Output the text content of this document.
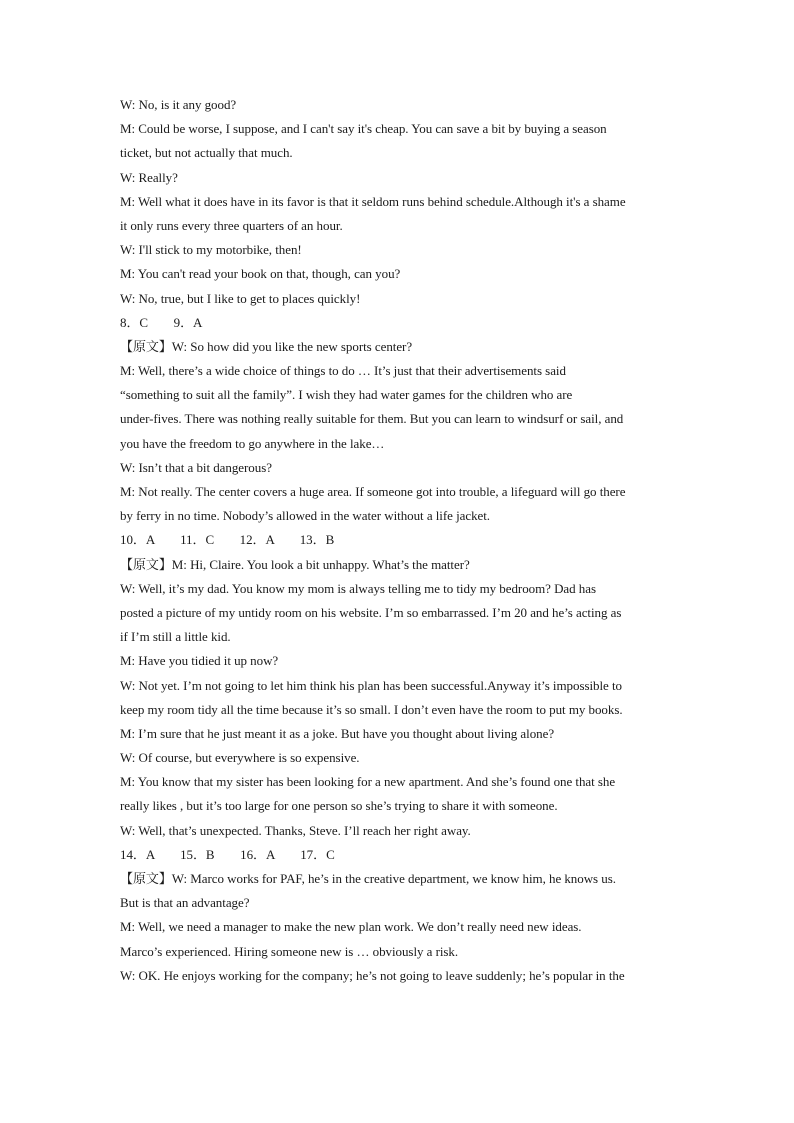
W: No, is it any good?
M: Could be worse, I suppose, and I can't say it's cheap. You can save a bit by buying a season
ticket, but not actually that much.
W: Really?
M: Well what it does have in its favor is that it seldom runs behind schedule.Although it's a shame
it only runs every three quarters of an hour.
W: I'll stick to my motorbike, then!
M: You can't read your book on that, though, can you?
W: No, true, but I like to get to places quickly!
8．C        9．A
【原文】W: So how did you like the new sports center?
M: Well, there’s a wide choice of things to do … It’s just that their advertisements said
“something to suit all the family”. I wish they had water games for the children who are
under-fives. There was nothing really suitable for them. But you can learn to windsurf or sail, and
you have the freedom to go anywhere in the lake…
W: Isn’t that a bit dangerous?
M: Not really. The center covers a huge area. If someone got into trouble, a lifeguard will go there
by ferry in no time. Nobody’s allowed in the water without a life jacket.
10．A        11．C        12．A        13．B
【原文】M: Hi, Claire. You look a bit unhappy. What’s the matter?
W: Well, it’s my dad. You know my mom is always telling me to tidy my bedroom? Dad has
posted a picture of my untidy room on his website. I’m so embarrassed. I’m 20 and he’s acting as
if I’m still a little kid.
M: Have you tidied it up now?
W: Not yet. I’m not going to let him think his plan has been successful.Anyway it’s impossible to
keep my room tidy all the time because it’s so small. I don’t even have the room to put my books.
M: I’m sure that he just meant it as a joke. But have you thought about living alone?
W: Of course, but everywhere is so expensive.
M: You know that my sister has been looking for a new apartment. And she’s found one that she
really likes , but it’s too large for one person so she’s trying to share it with someone.
W: Well, that’s unexpected. Thanks, Steve. I’ll reach her right away.
14．A        15．B        16．A        17．C
【原文】W: Marco works for PAF, he’s in the creative department, we know him, he knows us.
But is that an advantage?
M: Well, we need a manager to make the new plan work. We don’t really need new ideas.
Marco’s experienced. Hiring someone new is … obviously a risk.
W: OK. He enjoys working for the company; he’s not going to leave suddenly; he’s popular in the
